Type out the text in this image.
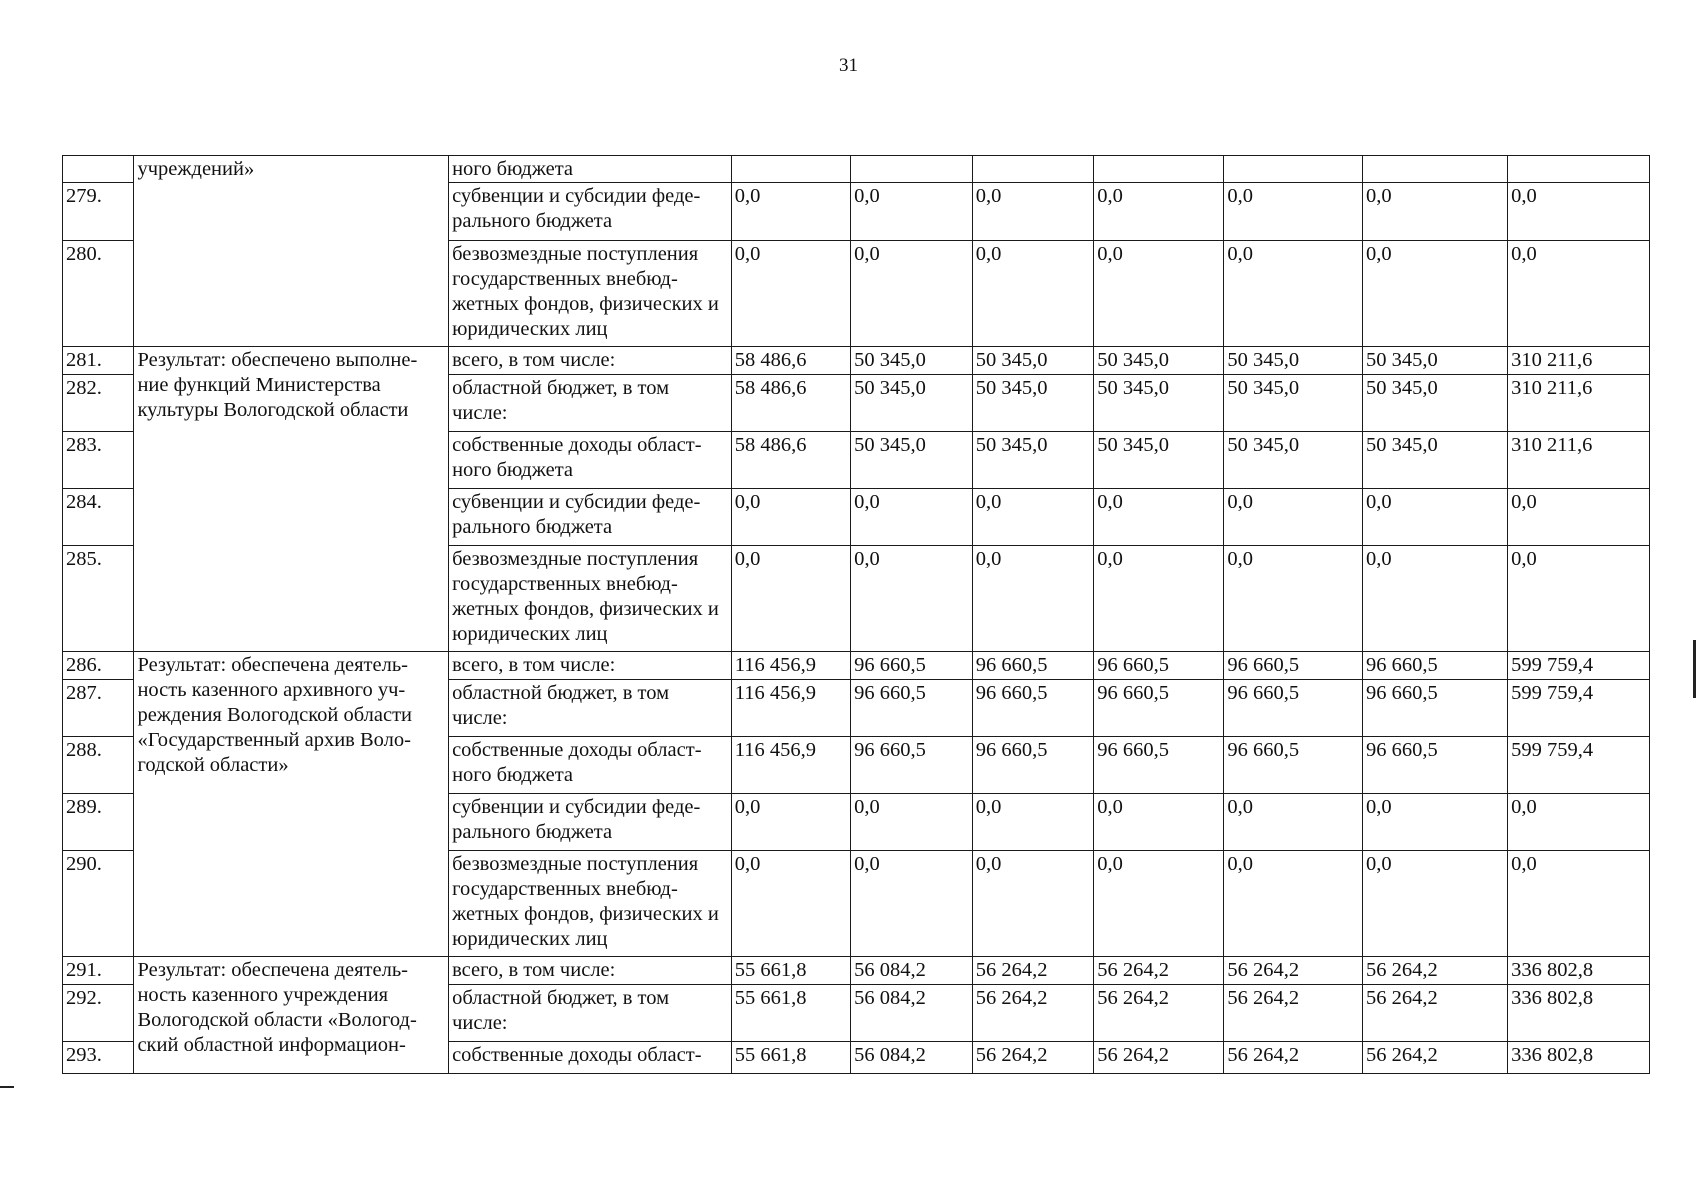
31
	учреждений»	ного бюджета							
279.		субвенции и субсидии феде-ральнoго бюджета	0,0	0,0	0,0	0,0	0,0	0,0	0,0
280.		безвозмездные поступления государственных внебюд-жетных фондов, физических и юридических лиц	0,0	0,0	0,0	0,0	0,0	0,0	0,0
281.	Результат: обеспечено выполне-ние функций Министерства культуры Вологодской области	всего, в том числе:	58 486,6	50 345,0	50 345,0	50 345,0	50 345,0	50 345,0	310 211,6
282.		областной бюджет, в том числе:	58 486,6	50 345,0	50 345,0	50 345,0	50 345,0	50 345,0	310 211,6
283.		собственные доходы област-ного бюджета	58 486,6	50 345,0	50 345,0	50 345,0	50 345,0	50 345,0	310 211,6
284.		субвенции и субсидии феде-рального бюджета	0,0	0,0	0,0	0,0	0,0	0,0	0,0
285.		безвозмездные поступления государственных внебюд-жетных фондов, физических и юридических лиц	0,0	0,0	0,0	0,0	0,0	0,0	0,0
286.	Результат: обеспечена деятель-ность казенного архивного уч-реждения Вологодской области «Государственный архив Воло-годской области»	всего, в том числе:	116 456,9	96 660,5	96 660,5	96 660,5	96 660,5	96 660,5	599 759,4
287.		областной бюджет, в том числе:	116 456,9	96 660,5	96 660,5	96 660,5	96 660,5	96 660,5	599 759,4
288.		собственные доходы област-ного бюджета	116 456,9	96 660,5	96 660,5	96 660,5	96 660,5	96 660,5	599 759,4
289.		субвенции и субсидии феде-рального бюджета	0,0	0,0	0,0	0,0	0,0	0,0	0,0
290.		безвозмездные поступления государственных внебюд-жетных фондов, физических и юридических лиц	0,0	0,0	0,0	0,0	0,0	0,0	0,0
291.	Результат: обеспечена деятель-ность казенного учреждения Вологодской области «Вологод-ский областной информацион-	всего, в том числе:	55 661,8	56 084,2	56 264,2	56 264,2	56 264,2	56 264,2	336 802,8
292.		областной бюджет, в том числе:	55 661,8	56 084,2	56 264,2	56 264,2	56 264,2	56 264,2	336 802,8
293.		собственные доходы област-	55 661,8	56 084,2	56 264,2	56 264,2	56 264,2	56 264,2	336 802,8
